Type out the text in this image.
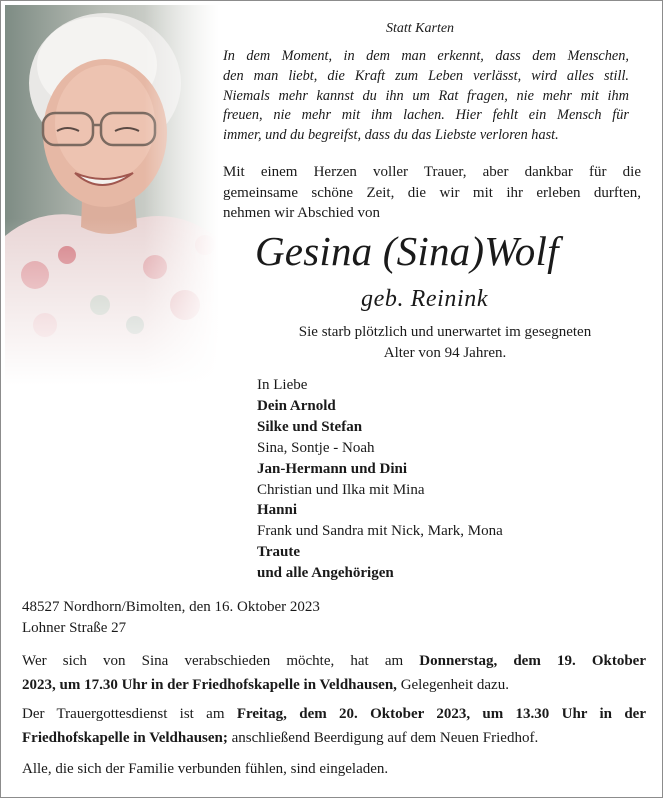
Statt Karten
In dem Moment, in dem man erkennt, dass dem Menschen,
den man liebt, die Kraft zum Leben verlässt, wird alles still.
Niemals mehr kannst du ihn um Rat fragen, nie mehr mit ihm
freuen, nie mehr mit ihm lachen. Hier fehlt ein Mensch für
immer, und du begreifst, dass du das Liebste verloren hast.
Mit einem Herzen voller Trauer, aber dankbar für die
gemeinsame schöne Zeit, die wir mit ihr erleben durften,
nehmen wir Abschied von
Gesina (Sina)Wolf
geb. Reinink
Sie starb plötzlich und unerwartet im gesegneten
Alter von 94 Jahren.
In Liebe
Dein Arnold
Silke und Stefan
Sina, Sontje - Noah
Jan-Hermann und Dini
Christian und Ilka mit Mina
Hanni
Frank und Sandra mit Nick, Mark, Mona
Traute
und alle Angehörigen
48527 Nordhorn/Bimolten, den 16. Oktober 2023
Lohner Straße 27
Wer sich von Sina verabschieden möchte, hat am Donnerstag, dem 19. Oktober
2023, um 17.30 Uhr in der Friedhofskapelle in Veldhausen, Gelegenheit dazu.
Der Trauergottesdienst ist am Freitag, dem 20. Oktober 2023, um 13.30 Uhr in der
Friedhofskapelle in Veldhausen; anschließend Beerdigung auf dem Neuen Friedhof.
Alle, die sich der Familie verbunden fühlen, sind eingeladen.
